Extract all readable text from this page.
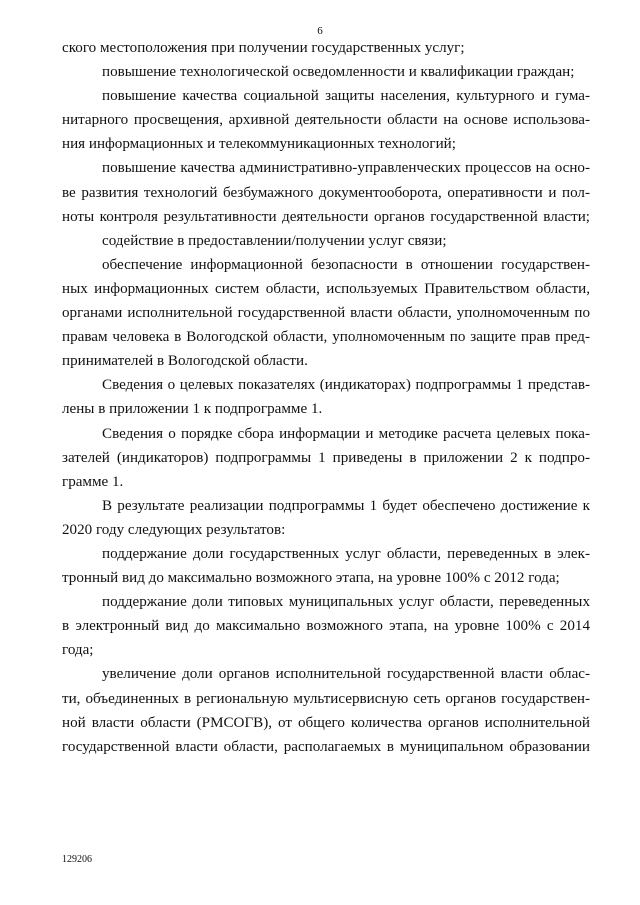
6
ского местоположения при получении государственных услуг;
повышение технологической осведомленности и квалификации граждан;
повышение качества социальной защиты населения, культурного и гума-
нитарного просвещения, архивной деятельности области на основе использова-
ния информационных и телекоммуникационных технологий;
повышение качества административно-управленческих процессов на осно-
ве развития технологий безбумажного документооборота, оперативности и пол-
ноты контроля результативности деятельности органов государственной власти;
содействие в предоставлении/получении услуг связи;
обеспечение информационной безопасности в отношении государствен-
ных информационных систем области, используемых Правительством области,
органами исполнительной государственной власти области, уполномоченным по
правам человека в Вологодской области, уполномоченным по защите прав пред-
принимателей в Вологодской области.
Сведения о целевых показателях (индикаторах) подпрограммы 1 представ-
лены в приложении 1 к подпрограмме 1.
Сведения о порядке сбора информации и методике расчета целевых пока-
зателей (индикаторов) подпрограммы 1 приведены в приложении 2 к подпро-
грамме 1.
В результате реализации подпрограммы 1 будет обеспечено достижение к
2020 году следующих результатов:
поддержание доли государственных услуг области, переведенных в элек-
тронный вид до максимально возможного этапа, на уровне 100% с 2012 года;
поддержание доли типовых муниципальных услуг области, переведенных
в электронный вид до максимально возможного этапа, на уровне 100% с 2014
года;
увеличение доли органов исполнительной государственной власти облас-
ти, объединенных в региональную мультисервисную сеть органов государствен-
ной власти области (РМСОГВ), от общего количества органов исполнительной
государственной власти области, располагаемых в муниципальном образовании
129206
